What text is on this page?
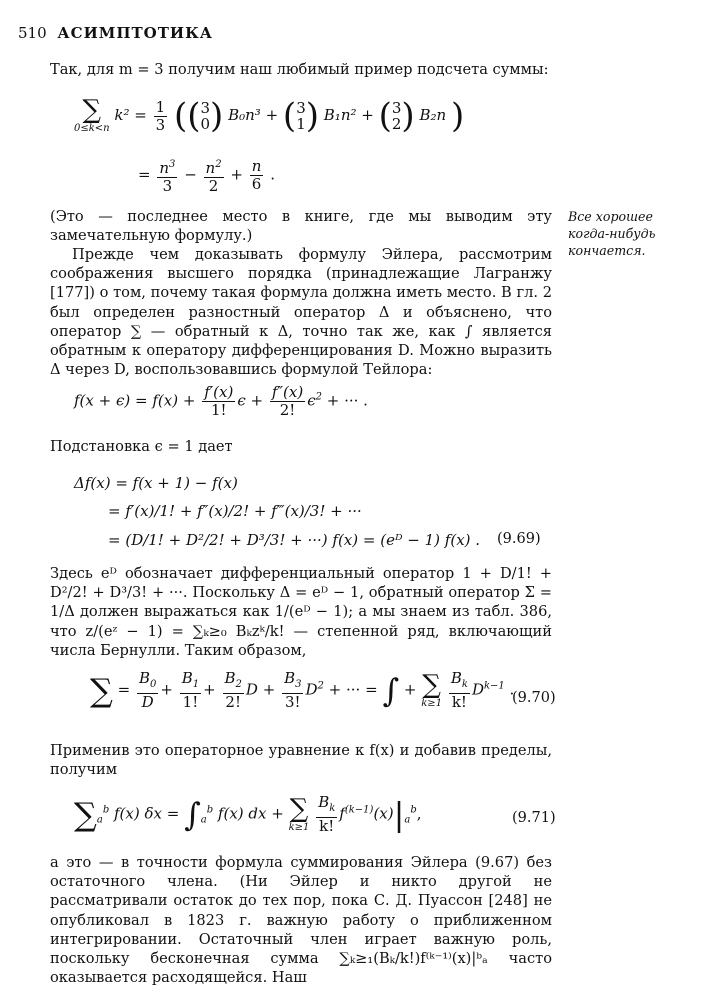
510 АСИМПТОТИКА
Так, для m = 3 получим наш любимый пример подсчета суммы:
∑
0≤k<n
$k^2 = \frac{1}{3} ((3$
0) B₀n³ + (3
1) B₁n² + (3
2) B₂n )
= $\frac{n^3}{3} - \frac{n^2}{2} + \frac{n}{6}$ .
(Это — последнее место в книге, где мы выводим эту замечательную формулу.)
Все хорошее когда-нибудь кончается.
Прежде чем доказывать формулу Эйлера, рассмотрим соображения высшего порядка (принадлежащие Лагранжу [177]) о том, почему такая формула должна иметь место. В гл. 2 был определен разностный оператор Δ и объяснено, что оператор ∑ — обратный к Δ, точно так же, как ∫ является обратным к оператору дифференцирования D. Можно выразить Δ через D, воспользовавшись формулой Тейлора:
$f(x + \epsilon) = f(x) + \frac{f'(x)}{1!}$ $\epsilon + \frac{f''(x)}{2!} \epsilon^2$ + ··· .
Подстановка ϵ = 1 дает
Δf(x) = f(x + 1) − f(x)
= f′(x)/1! + f″(x)/2! + f‴(x)/3! + ···
= (D/1! + D²/2! + D³/3! + ···) f(x) = (eᴰ − 1) f(x) . (9.69)
Здесь eᴰ обозначает дифференциальный оператор 1 + D/1! + D²/2! + D³/3! + ···. Поскольку Δ = eᴰ − 1, обратный оператор Σ = 1/Δ должен выражаться как 1/(eᴰ − 1); а мы знаем из табл. 386, что z/(eᶻ − 1) = ∑ₖ≥₀ Bₖzᵏ/k! — степенной ряд, включающий числа Бернулли. Таким образом,
∑ = $\frac{B_0}{D} + \frac{B_1}{1!} + \frac{B_2}{2!}$ $D + \frac{B_3}{3!} D^2$ + ··· = ∫ + ∑
k≥1
$\frac{B_k}{k!} D^{k-1}$ .
(9.70)
Применив это операторное уравнение к f(x) и добавив пределы, получим
$\sum_a^b$ f(x) $\delta x = \int_a^b$ f(x) dx + ∑
k≥1
$\frac{B_k}{k!} f^{(k-1)}(x)|_a^b$,	(9.71)
а это — в точности формула суммирования Эйлера (9.67) без остаточного члена. (Ни Эйлер и никто другой не рассматривали остаток до тех пор, пока С. Д. Пуассон [248] не опубликовал в 1823 г. важную работу о приближенном интегрировании. Остаточный член играет важную роль, поскольку бесконечная сумма ∑ₖ≥₁(Bₖ/k!)f⁽ᵏ⁻¹⁾(x)|ᵇₐ часто оказывается расходящейся. Наш
